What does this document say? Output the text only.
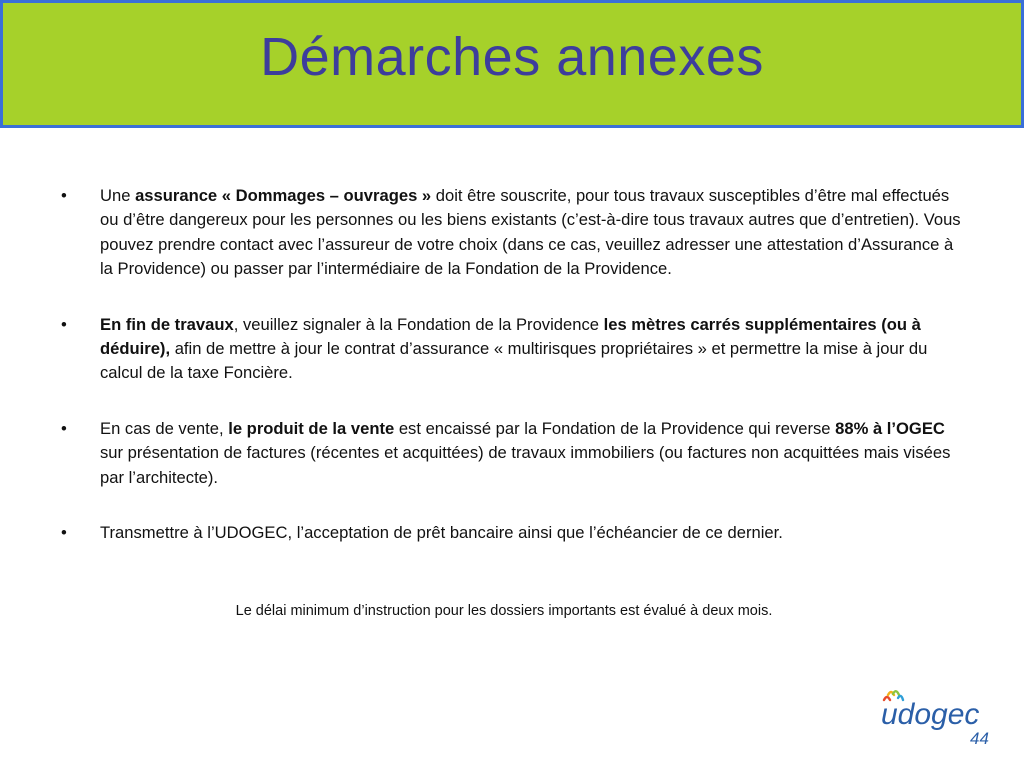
Démarches annexes
• Une assurance « Dommages – ouvrages » doit être souscrite, pour tous travaux susceptibles d’être mal effectués ou d’être dangereux pour les personnes ou les biens existants (c’est-à-dire tous travaux autres que d’entretien). Vous pouvez prendre contact avec l’assureur de votre choix (dans ce cas, veuillez adresser une attestation d’Assurance à la Providence) ou passer par l’intermédiaire de la Fondation de la Providence.
• En fin de travaux, veuillez signaler à la Fondation de la Providence les mètres carrés supplémentaires (ou à déduire), afin de mettre à jour le contrat d’assurance « multirisques propriétaires » et permettre la mise à jour du calcul de la taxe Foncière.
• En cas de vente, le produit de la vente est encaissé par la Fondation de la Providence qui reverse 88% à l’OGEC sur présentation de factures (récentes et acquittées) de travaux immobiliers (ou factures non acquittées mais visées par l’architecte).
• Transmettre à l’UDOGEC, l’acceptation de prêt bancaire ainsi que l’échéancier de ce dernier.
Le délai minimum d’instruction pour les dossiers importants est évalué à deux mois.
udogec
44
